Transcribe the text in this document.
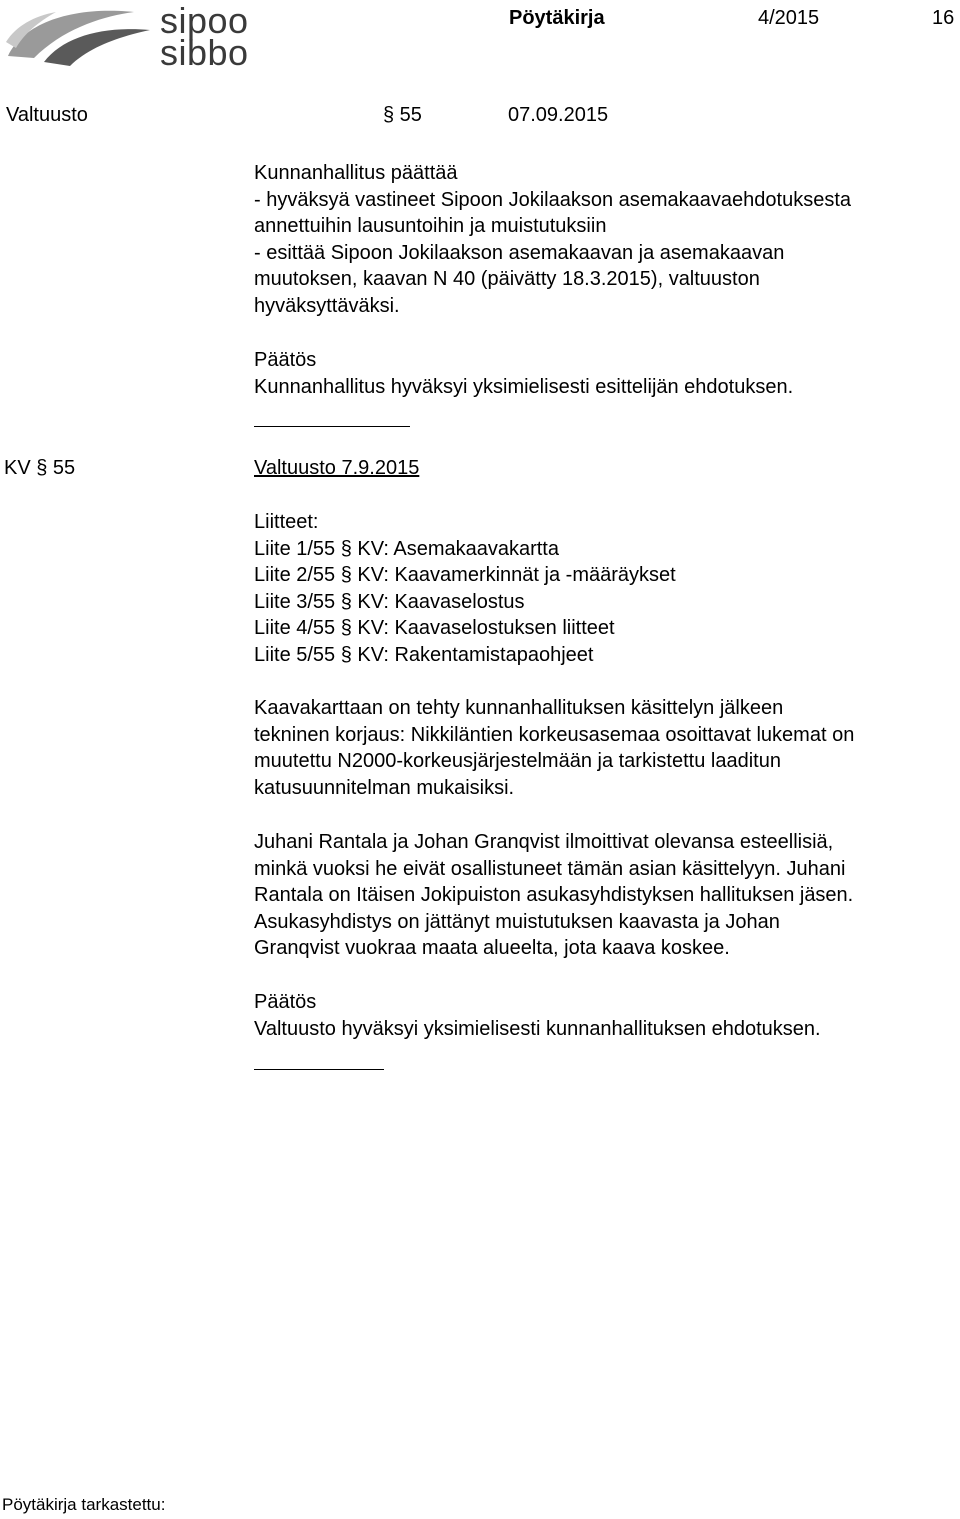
sipoo
sibbo
Pöytäkirja	4/2015	16
Valtuusto	§ 55	07.09.2015

Kunnanhallitus päättää

- hyväksyä vastineet Sipoon Jokilaakson asemakaavaehdotuksesta

annettuihin lausuntoihin ja muistutuksiin

- esittää Sipoon Jokilaakson asemakaavan ja asemakaavan

muutoksen, kaavan N 40 (päivätty 18.3.2015), valtuuston

hyväksyttäväksi.

Päätös

Kunnanhallitus hyväksyi yksimielisesti esittelijän ehdotuksen.

KV § 55	Valtuusto 7.9.2015

Liitteet:

Liite 1/55 § KV: Asemakaavakartta

Liite 2/55 § KV: Kaavamerkinnät ja -määräykset

Liite 3/55 § KV: Kaavaselostus

Liite 4/55 § KV: Kaavaselostuksen liitteet

Liite 5/55 § KV: Rakentamistapaohjeet

Kaavakarttaan on tehty kunnanhallituksen käsittelyn jälkeen

tekninen korjaus: Nikkiläntien korkeusasemaa osoittavat lukemat on

muutettu N2000-korkeusjärjestelmään ja tarkistettu laaditun

katusuunnitelman mukaisiksi.

Juhani Rantala ja Johan Granqvist ilmoittivat olevansa esteellisiä,

minkä vuoksi he eivät osallistuneet tämän asian käsittelyyn. Juhani

Rantala on Itäisen Jokipuiston asukasyhdistyksen hallituksen jäsen.

Asukasyhdistys on jättänyt muistutuksen kaavasta ja Johan

Granqvist vuokraa maata alueelta, jota kaava koskee.

Päätös

Valtuusto hyväksyi yksimielisesti kunnanhallituksen ehdotuksen.

Pöytäkirja tarkastettu:
